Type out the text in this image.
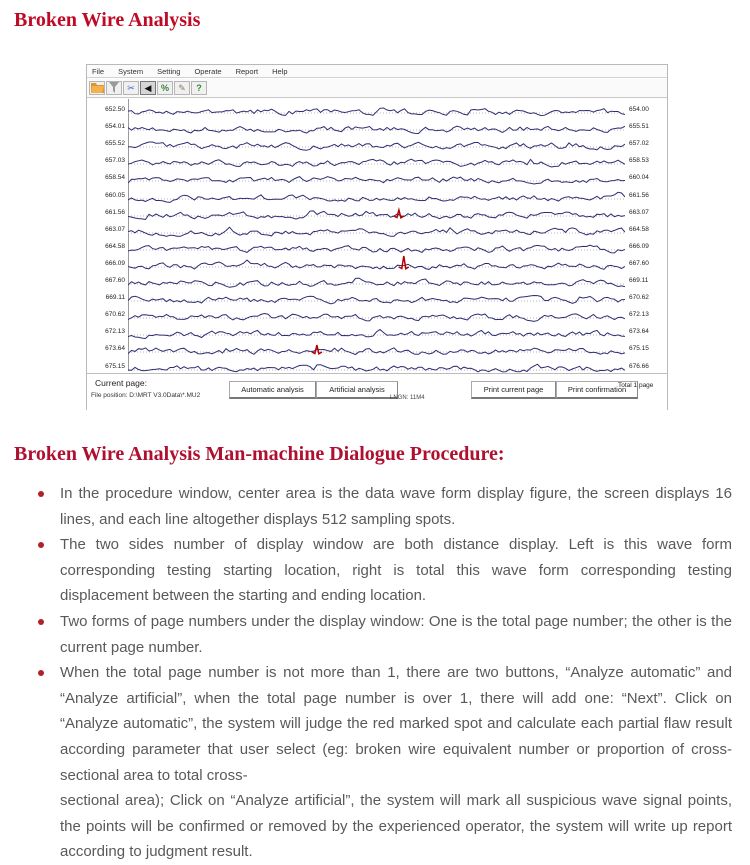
Broken Wire Analysis
File System Setting Operate Report Help
✂ ◀ % ✎ ?
652.50	654.00
654.01	655.51
655.52	657.02
657.03	658.53
658.54	660.04
660.05	661.56
661.56	663.07
663.07	664.58
664.58	666.09
666.09	667.60
667.60	669.11
669.11	670.62
670.62	672.13
672.13	673.64
673.64	675.15
675.15	676.66
Current page:
File position: D:\MRT V3.0Data\*.MU2
Automatic analysis	Artificial analysis
LNGN: 11M4
Print current page	Print confirmation
Total 1 page
Broken Wire Analysis Man-machine Dialogue Procedure:

In the procedure window, center area is the data wave form display figure, the screen displays 16 lines, and each line altogether displays 512 sampling spots.

The two sides number of display window are both distance display. Left is this wave form corresponding testing starting location, right is total this wave form corresponding testing displacement between the starting and ending location.

Two forms of page numbers under the display window: One is the total page number; the other is the current page number.

When the total page number is not more than 1, there are two buttons, “Analyze automatic” and “Analyze artificial”, when the total page number is over 1, there will add one: “Next”. Click on “Analyze automatic”, the system will judge the red marked spot and calculate each partial flaw result according parameter that user select (eg: broken wire equivalent number or proportion of cross-sectional area to total cross-

sectional area); Click on “Analyze artificial”, the system will mark all suspicious wave signal points, the points will be confirmed or removed by the experienced operator, the system will write up report according to judgment result.
